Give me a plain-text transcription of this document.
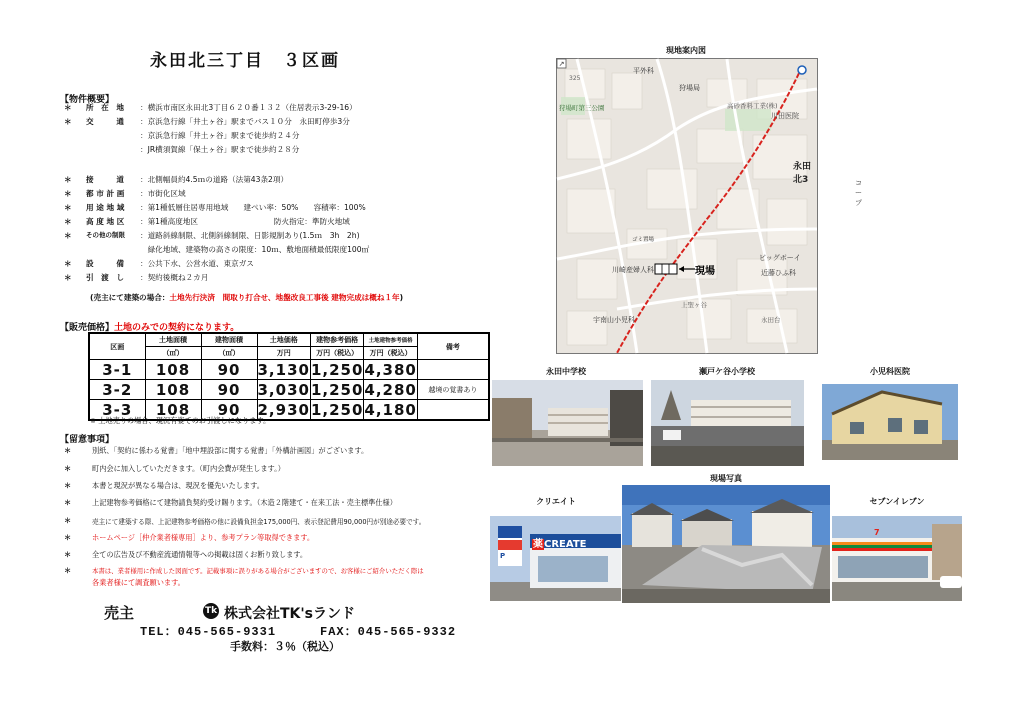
永田北三丁目　３区画
【物件概要】
＊ 所　在　地	：横浜市南区永田北3丁目６２０番１３２（住居表示3-29-16）
＊ 交　　　通	：京浜急行線「井土ヶ谷」駅までバス１０分　永田町停歩3分
：京浜急行線「井土ヶ谷」駅まで徒歩約２４分
：JR横須賀線「保土ヶ谷」駅まで徒歩約２８分
＊ 接　　　道	：北側幅員約4.5ｍの道路（法第43条2項）
＊ 都 市 計 画	：市街化区域
＊ 用 途 地 域	：第1種低層住居専用地域　　建ぺい率：50%　　容積率：100%
＊ 高 度 地 区	：第1種高度地区　　　　　　　　　　防火指定：準防火地域
＊ その他の制限	：道路斜線制限、北側斜線制限、日影規制あり(1.5ｍ　3h　2h)
　緑化地域、建築物の高さの限度：10ｍ、敷地面積最低限度100㎡
＊ 設　　　備	：公共下水、公営水道、東京ガス
＊ 引　渡　し	：契約後概ね２カ月
(売主にて建築の場合：土地先行決済　間取り打合せ、地盤改良工事後 建物完成は概ね１年)
【販売価格】土地のみでの契約になります。
区画	土地面積	建物面積	土地価格	建物参考価格	土地建物参考価格	備考
	（㎡）	（㎡）	万円	万円（税込）	万円（税込）	
3-1	108	90	3,130	1,250	4,380	
3-2	108	90	3,030	1,250	4,280	越境の覚書あり
3-3	108	90	2,930	1,250	4,180	
※ 土地売りの場合、現況有姿でのお引渡しになります。
【留意事項】
＊	別紙、「契約に係わる覚書」「地中埋設部に関する覚書」「外構計画図」がございます。
＊	町内会に加入していただきます。（町内会費が発生します。）
＊	本書と現況が異なる場合は、現況を優先いたします。
＊	上記建物参考価格にて建物請負契約受け賜ります。（木造２階建て・在来工法・売主標準仕様）
＊	売主にて建築する際、上記建物参考価格の他に設備負担金175,000円、表示登記費用90,000円が別途必要です。
＊	ホームページ［仲介業者様専用］より、参考プラン等取得できます。
＊	全ての広告及び不動産流通情報等への掲載は固くお断り致します。
＊	本書は、業者様用に作成した図面です。記載事項に誤りがある場合がございますので、お客様にご紹介いただく際は
各業者様にて調査願います。
売主	Tk 株式会社TK'sランド
TEL：045-565-9331	FAX：045-565-9332
手数料：３％（税込）
現地案内図
↗
325
平外科
狩場局
狩場町第三公園	高砂香料工業(株)
川田医院
永田北3	コープ
ゴミ置場
川崎産婦人科	現場
ビッグボーイ
近藤ひふ科
宇南山小児科
上聖ヶ谷
永田台
永田中学校	瀬戸ケ谷小学校	小児科医院
現場写真
クリエイト
薬CREATE
P
セブンイレブン
7
